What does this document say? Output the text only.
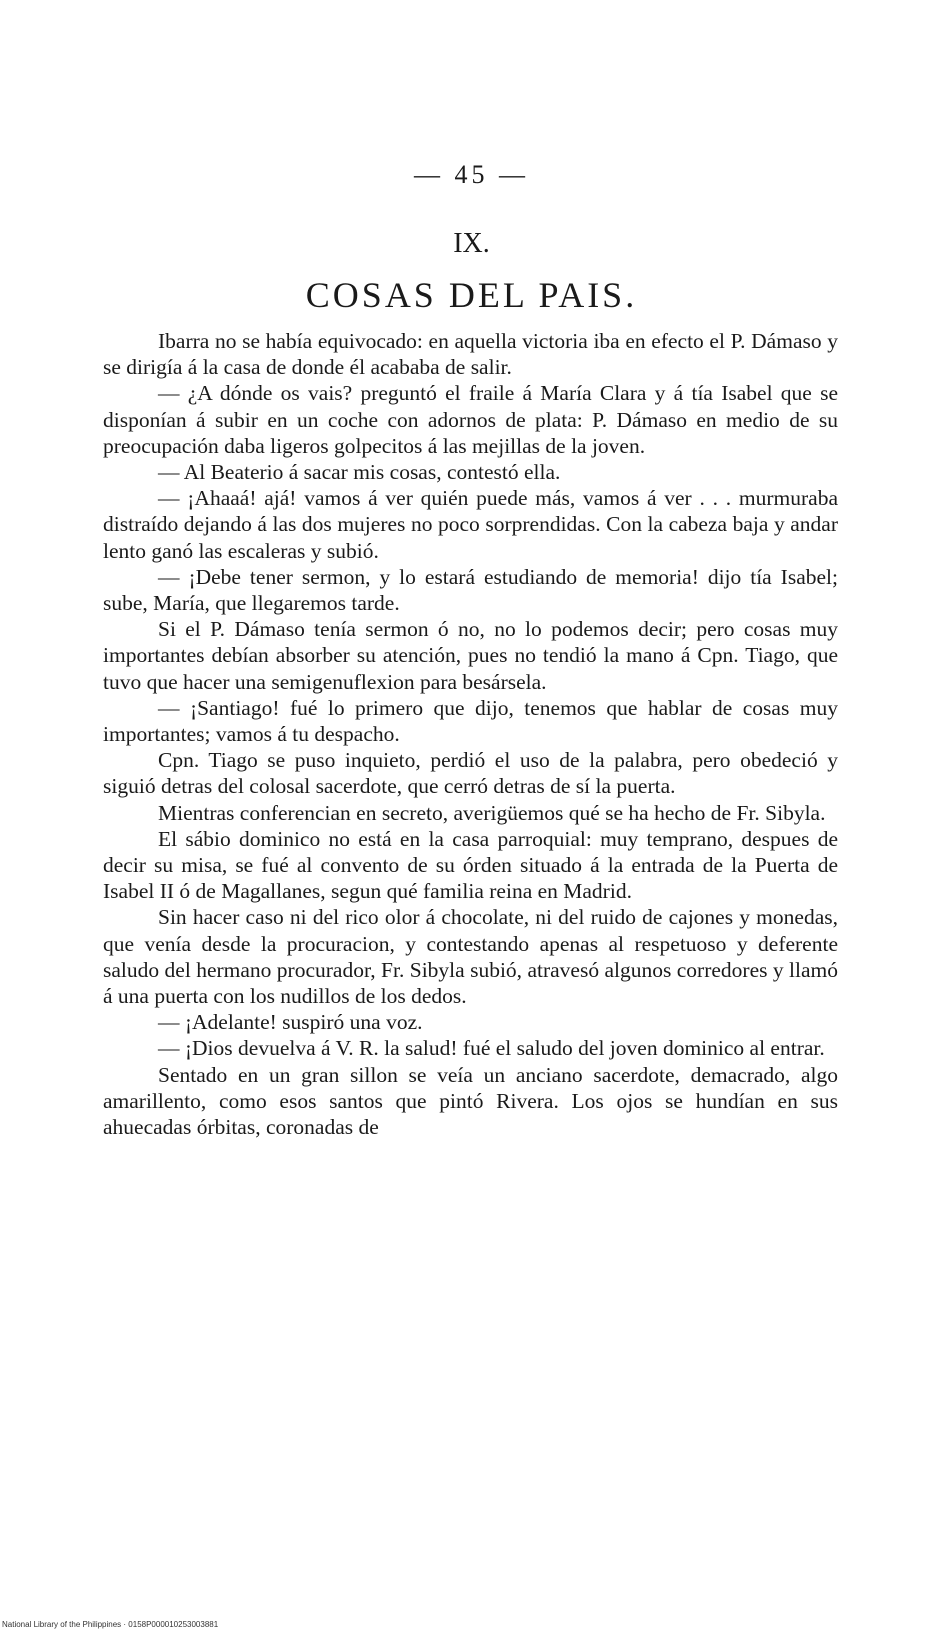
— 45 —
IX.
COSAS DEL PAIS.

Ibarra no se había equivocado: en aquella victoria iba en efecto el P. Dámaso y se dirigía á la casa de donde él acababa de salir.

— ¿A dónde os vais? preguntó el fraile á María Clara y á tía Isabel que se disponían á subir en un coche con adornos de plata: P. Dámaso en medio de su preocupación daba ligeros golpecitos á las mejillas de la joven.

— Al Beaterio á sacar mis cosas, contestó ella.

— ¡Ahaaá! ajá! vamos á ver quién puede más, vamos á ver . . . murmuraba distraído dejando á las dos mujeres no poco sorprendidas. Con la cabeza baja y andar lento ganó las escaleras y subió.

— ¡Debe tener sermon, y lo estará estudiando de memoria! dijo tía Isabel; sube, María, que llegaremos tarde.

Si el P. Dámaso tenía sermon ó no, no lo podemos decir; pero cosas muy importantes debían absorber su atención, pues no tendió la mano á Cpn. Tiago, que tuvo que hacer una semigenuflexion para besársela.

— ¡Santiago! fué lo primero que dijo, tenemos que hablar de cosas muy importantes; vamos á tu despacho.

Cpn. Tiago se puso inquieto, perdió el uso de la palabra, pero obedeció y siguió detras del colosal sacerdote, que cerró detras de sí la puerta.

Mientras conferencian en secreto, averigüemos qué se ha hecho de Fr. Sibyla.

El sábio dominico no está en la casa parroquial: muy temprano, despues de decir su misa, se fué al convento de su órden situado á la entrada de la Puerta de Isabel II ó de Magallanes, segun qué familia reina en Madrid.

Sin hacer caso ni del rico olor á chocolate, ni del ruido de cajones y monedas, que venía desde la procuracion, y contestando apenas al respetuoso y deferente saludo del hermano procurador, Fr. Sibyla subió, atravesó algunos corredores y llamó á una puerta con los nudillos de los dedos.

— ¡Adelante! suspiró una voz.

— ¡Dios devuelva á V. R. la salud! fué el saludo del joven dominico al entrar.

Sentado en un gran sillon se veía un anciano sacerdote, demacrado, algo amarillento, como esos santos que pintó Rivera. Los ojos se hundían en sus ahuecadas órbitas, coronadas de

National Library of the Philippines · 0158P000010253003881
